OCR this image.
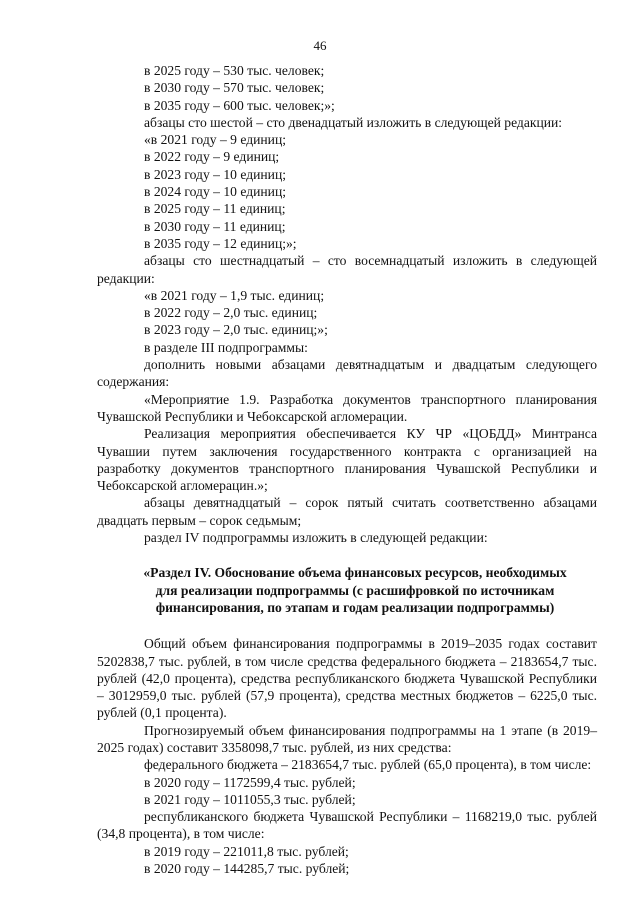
46

в 2025 году – 530 тыс. человек;

в 2030 году – 570 тыс. человек;

в 2035 году – 600 тыс. человек;»;

абзацы сто шестой – сто двенадцатый изложить в следующей редакции:

«в 2021 году – 9 единиц;

в 2022 году – 9 единиц;

в 2023 году – 10 единиц;

в 2024 году – 10 единиц;

в 2025 году – 11 единиц;

в 2030 году – 11 единиц;

в 2035 году – 12 единиц;»;

абзацы сто шестнадцатый – сто восемнадцатый изложить в следующей редакции:

«в 2021 году – 1,9 тыс. единиц;

в 2022 году – 2,0 тыс. единиц;

в 2023 году – 2,0 тыс. единиц;»;

в разделе III подпрограммы:

дополнить новыми абзацами девятнадцатым и двадцатым следующего содержания:

«Мероприятие 1.9. Разработка документов транспортного планирования Чувашской Республики и Чебоксарской агломерации.

Реализация мероприятия обеспечивается КУ ЧР «ЦОБДД» Минтранса Чувашии путем заключения государственного контракта с организацией на разработку документов транспортного планирования Чувашской Республики и Чебоксарской агломерацин.»;

абзацы девятнадцатый – сорок пятый считать соответственно абзацами двадцать первым – сорок седьмым;

раздел IV подпрограммы изложить в следующей редакции:

«Раздел IV. Обоснование объема финансовых ресурсов, необходимых для реализации подпрограммы (с расшифровкой по источникам финансирования, по этапам и годам реализации подпрограммы)

Общий объем финансирования подпрограммы в 2019–2035 годах составит 5202838,7 тыс. рублей, в том числе средства федерального бюджета – 2183654,7 тыс. рублей (42,0 процента), средства республиканского бюджета Чувашской Республики – 3012959,0 тыс. рублей (57,9 процента), средства местных бюджетов – 6225,0 тыс. рублей (0,1 процента).

Прогнозируемый объем финансирования подпрограммы на 1 этапе (в 2019–2025 годах) составит 3358098,7 тыс. рублей, из них средства:

федерального бюджета – 2183654,7 тыс. рублей (65,0 процента), в том числе:

в 2020 году – 1172599,4 тыс. рублей;

в 2021 году – 1011055,3 тыс. рублей;

республиканского бюджета Чувашской Республики – 1168219,0 тыс. рублей (34,8 процента), в том числе:

в 2019 году – 221011,8 тыс. рублей;

в 2020 году – 144285,7 тыс. рублей;
